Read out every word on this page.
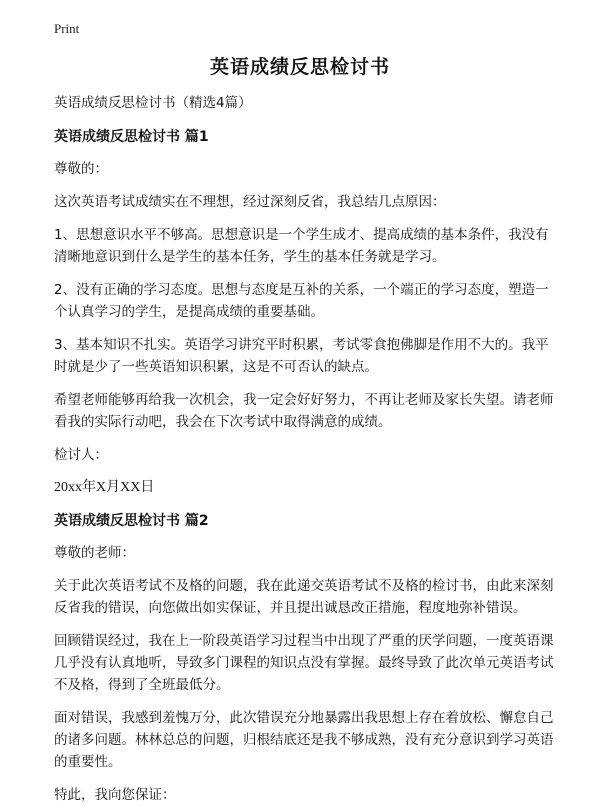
Print
英语成绩反思检讨书

英语成绩反思检讨书（精选4篇）

英语成绩反思检讨书 篇1

尊敬的：

这次英语考试成绩实在不理想，经过深刻反省，我总结几点原因：

1、思想意识水平不够高。思想意识是一个学生成才、提高成绩的基本条件，我没有清晰地意识到什么是学生的基本任务，学生的基本任务就是学习。

2、没有正确的学习态度。思想与态度是互补的关系，一个端正的学习态度，塑造一个认真学习的学生，是提高成绩的重要基础。

3、基本知识不扎实。英语学习讲究平时积累，考试零食抱佛脚是作用不大的。我平时就是少了一些英语知识积累，这是不可否认的缺点。

希望老师能够再给我一次机会，我一定会好好努力，不再让老师及家长失望。请老师看我的实际行动吧，我会在下次考试中取得满意的成绩。

检讨人：

20xx年X月XX日

英语成绩反思检讨书 篇2

尊敬的老师：

关于此次英语考试不及格的问题，我在此递交英语考试不及格的检讨书，由此来深刻反省我的错误，向您做出如实保证，并且提出诚恳改正措施，程度地弥补错误。

回顾错误经过，我在上一阶段英语学习过程当中出现了严重的厌学问题，一度英语课几乎没有认真地听，导致多门课程的知识点没有掌握。最终导致了此次单元英语考试不及格，得到了全班最低分。

面对错误，我感到羞愧万分，此次错误充分地暴露出我思想上存在着放松、懈怠自己的诸多问题。林林总总的问题，归根结底还是我不够成熟，没有充分意识到学习英语的重要性。

特此，我向您保证：
